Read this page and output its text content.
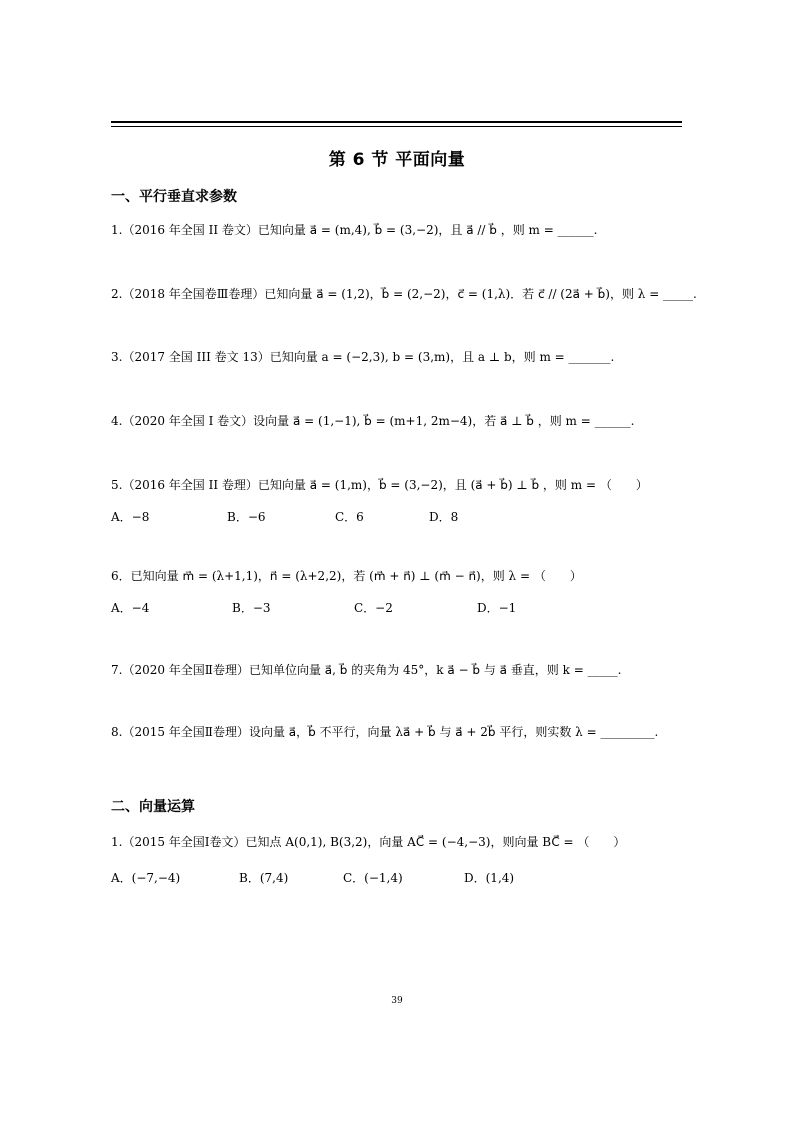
第 6 节 平面向量
一、平行垂直求参数
1.（2016 年全国 II 卷文）已知向量 a⃗ = (m,4), b⃗ = (3,−2)，且 a⃗ // b⃗ ，则 m = ______.
2.（2018 年全国卷Ⅲ卷理）已知向量 a⃗ = (1,2)，b⃗ = (2,−2)，c⃗ = (1,λ)．若 c⃗ // (2a⃗ + b⃗)，则 λ = _____.
3.（2017 全国 III 卷文 13）已知向量 a = (−2,3), b = (3,m)，且 a ⊥ b，则 m = _______.
4.（2020 年全国 I 卷文）设向量 a⃗ = (1,−1), b⃗ = (m+1, 2m−4)，若 a⃗ ⊥ b⃗ ，则 m = ______.
5.（2016 年全国 II 卷理）已知向量 a⃗ = (1,m)，b⃗ = (3,−2)，且 (a⃗ + b⃗) ⊥ b⃗ ，则 m = （　　）
A．−8	B．−6	C．6	D．8
6．已知向量 m⃗ = (λ+1,1)，n⃗ = (λ+2,2)，若 (m⃗ + n⃗) ⊥ (m⃗ − n⃗)，则 λ = （　　）
A．−4	B．−3	C．−2	D．−1
7.（2020 年全国Ⅱ卷理）已知单位向量 a⃗, b⃗ 的夹角为 45°，k a⃗ − b⃗ 与 a⃗ 垂直，则 k = _____.
8.（2015 年全国Ⅱ卷理）设向量 a⃗，b⃗ 不平行，向量 λa⃗ + b⃗ 与 a⃗ + 2b⃗ 平行，则实数 λ = _________.
二、向量运算
1.（2015 年全国Ⅰ卷文）已知点 A(0,1), B(3,2)，向量 AC⃗ = (−4,−3)，则向量 BC⃗ = （　　）
A．(−7,−4)	B．(7,4)	C．(−1,4)	D．(1,4)
39
